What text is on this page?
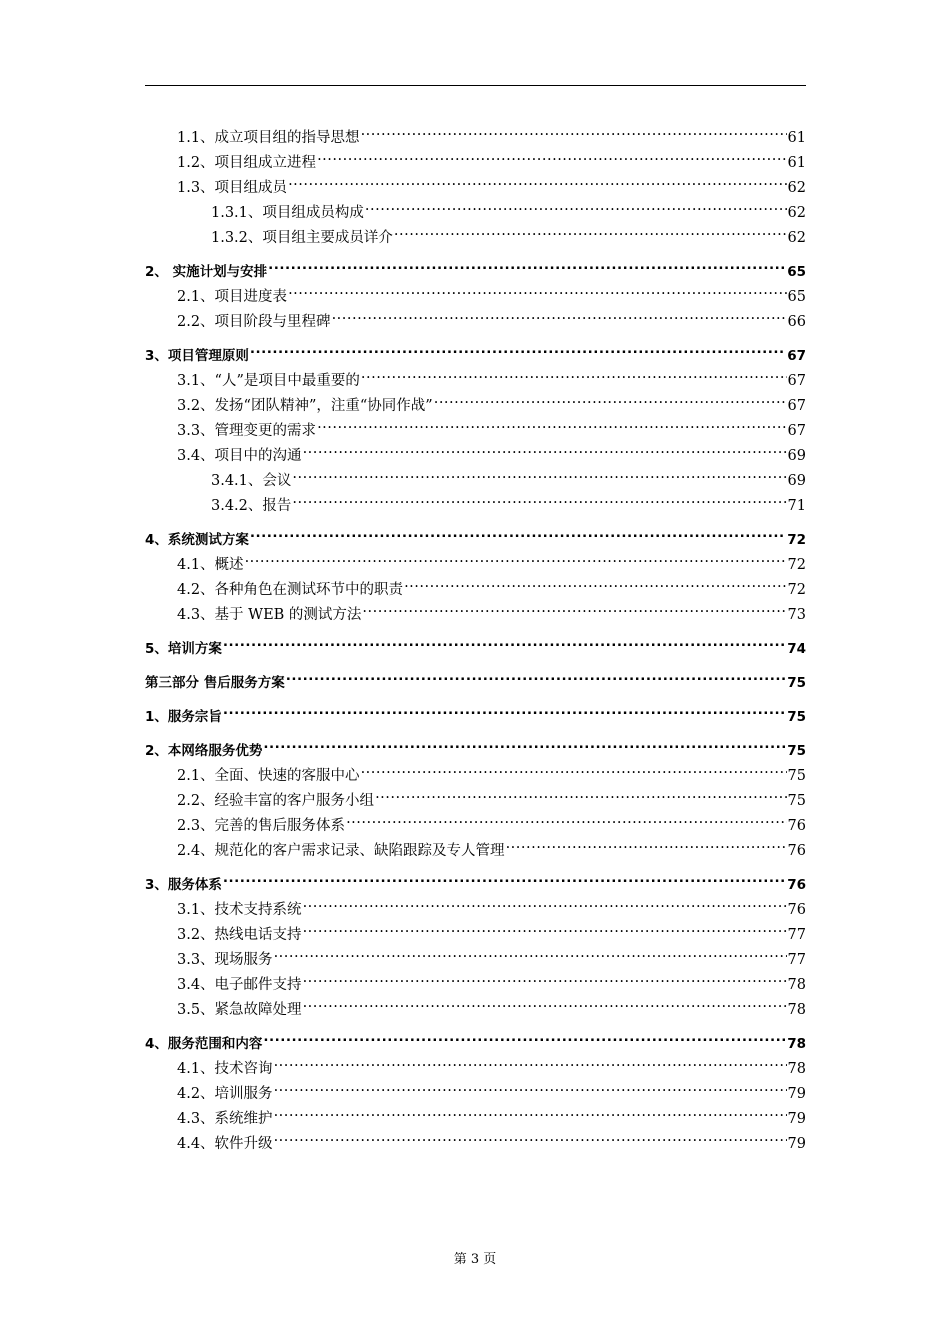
1.1、成立项目组的指导思想 .....	61
1.2、项目组成立进程 .....	61
1.3、项目组成员 .....	62
1.3.1、项目组成员构成 .....	62
1.3.2、项目组主要成员详介 .....	62
2、 实施计划与安排 .....	65
2.1、项目进度表 .....	65
2.2、项目阶段与里程碑 .....	66
3、项目管理原则 .....	67
3.1、“人”是项目中最重要的 .....	67
3.2、发扬“团队精神”，注重“协同作战” .....	67
3.3、管理变更的需求 .....	67
3.4、项目中的沟通 .....	69
3.4.1、会议 .....	69
3.4.2、报告 .....	71
4、系统测试方案 .....	72
4.1、概述 .....	72
4.2、各种角色在测试环节中的职责 .....	72
4.3、基于 WEB 的测试方法 .....	73
5、培训方案 .....	74
第三部分 售后服务方案 .....	75
1、服务宗旨 .....	75
2、本网络服务优势 .....	75
2.1、全面、快速的客服中心 .....	75
2.2、经验丰富的客户服务小组 .....	75
2.3、完善的售后服务体系 .....	76
2.4、规范化的客户需求记录、缺陷跟踪及专人管理 .....	76
3、服务体系 .....	76
3.1、技术支持系统 .....	76
3.2、热线电话支持 .....	77
3.3、现场服务 .....	77
3.4、电子邮件支持 .....	78
3.5、紧急故障处理 .....	78
4、服务范围和内容 .....	78
4.1、技术咨询 .....	78
4.2、培训服务 .....	79
4.3、系统维护 .....	79
4.4、软件升级 .....	79
第 3 页
